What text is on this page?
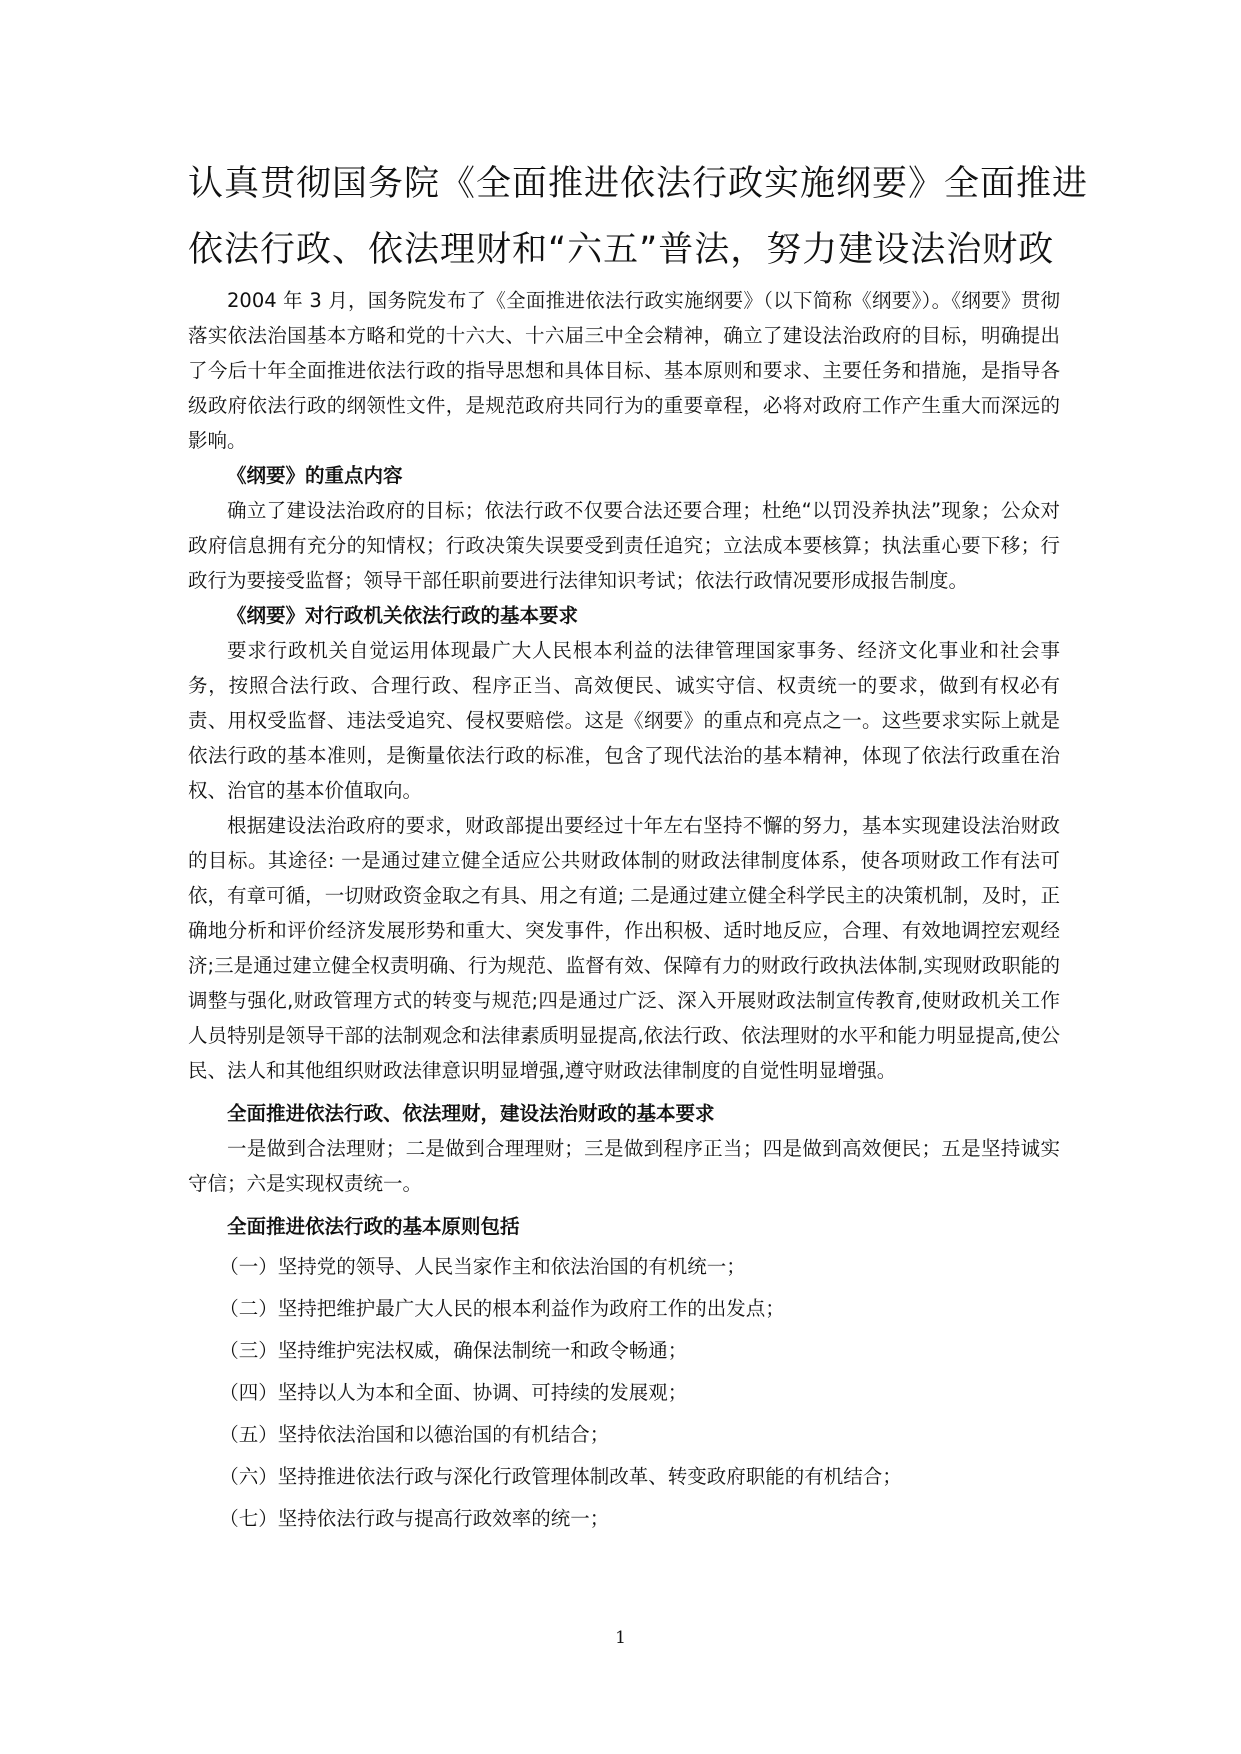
认真贯彻国务院《全面推进依法行政实施纲要》全面推进
依法行政、依法理财和“六五”普法，努力建设法治财政

2004 年 3 月，国务院发布了《全面推进依法行政实施纲要》（以下简称《纲要》）。《纲要》贯彻落实依法治国基本方略和党的十六大、十六届三中全会精神，确立了建设法治政府的目标，明确提出了今后十年全面推进依法行政的指导思想和具体目标、基本原则和要求、主要任务和措施，是指导各级政府依法行政的纲领性文件，是规范政府共同行为的重要章程，必将对政府工作产生重大而深远的影响。

《纲要》的重点内容

确立了建设法治政府的目标；依法行政不仅要合法还要合理；杜绝“以罚没养执法”现象；公众对政府信息拥有充分的知情权；行政决策失误要受到责任追究；立法成本要核算；执法重心要下移；行政行为要接受监督；领导干部任职前要进行法律知识考试；依法行政情况要形成报告制度。

《纲要》对行政机关依法行政的基本要求

要求行政机关自觉运用体现最广大人民根本利益的法律管理国家事务、经济文化事业和社会事务，按照合法行政、合理行政、程序正当、高效便民、诚实守信、权责统一的要求，做到有权必有责、用权受监督、违法受追究、侵权要赔偿。这是《纲要》的重点和亮点之一。这些要求实际上就是依法行政的基本准则，是衡量依法行政的标准，包含了现代法治的基本精神，体现了依法行政重在治权、治官的基本价值取向。

根据建设法治政府的要求，财政部提出要经过十年左右坚持不懈的努力，基本实现建设法治财政的目标。其途径: 一是通过建立健全适应公共财政体制的财政法律制度体系，使各项财政工作有法可依，有章可循，一切财政资金取之有具、用之有道; 二是通过建立健全科学民主的决策机制，及时，正确地分析和评价经济发展形势和重大、突发事件，作出积极、适时地反应，合理、有效地调控宏观经济;三是通过建立健全权责明确、行为规范、监督有效、保障有力的财政行政执法体制,实现财政职能的调整与强化,财政管理方式的转变与规范;四是通过广泛、深入开展财政法制宣传教育,使财政机关工作人员特别是领导干部的法制观念和法律素质明显提高,依法行政、依法理财的水平和能力明显提高,使公民、法人和其他组织财政法律意识明显增强,遵守财政法律制度的自觉性明显增强。

全面推进依法行政、依法理财，建设法治财政的基本要求

一是做到合法理财；二是做到合理理财；三是做到程序正当；四是做到高效便民；五是坚持诚实守信；六是实现权责统一。

全面推进依法行政的基本原则包括

（一）坚持党的领导、人民当家作主和依法治国的有机统一；

（二）坚持把维护最广大人民的根本利益作为政府工作的出发点；

（三）坚持维护宪法权威，确保法制统一和政令畅通；

（四）坚持以人为本和全面、协调、可持续的发展观；

（五）坚持依法治国和以德治国的有机结合；

（六）坚持推进依法行政与深化行政管理体制改革、转变政府职能的有机结合；

（七）坚持依法行政与提高行政效率的统一；

1
